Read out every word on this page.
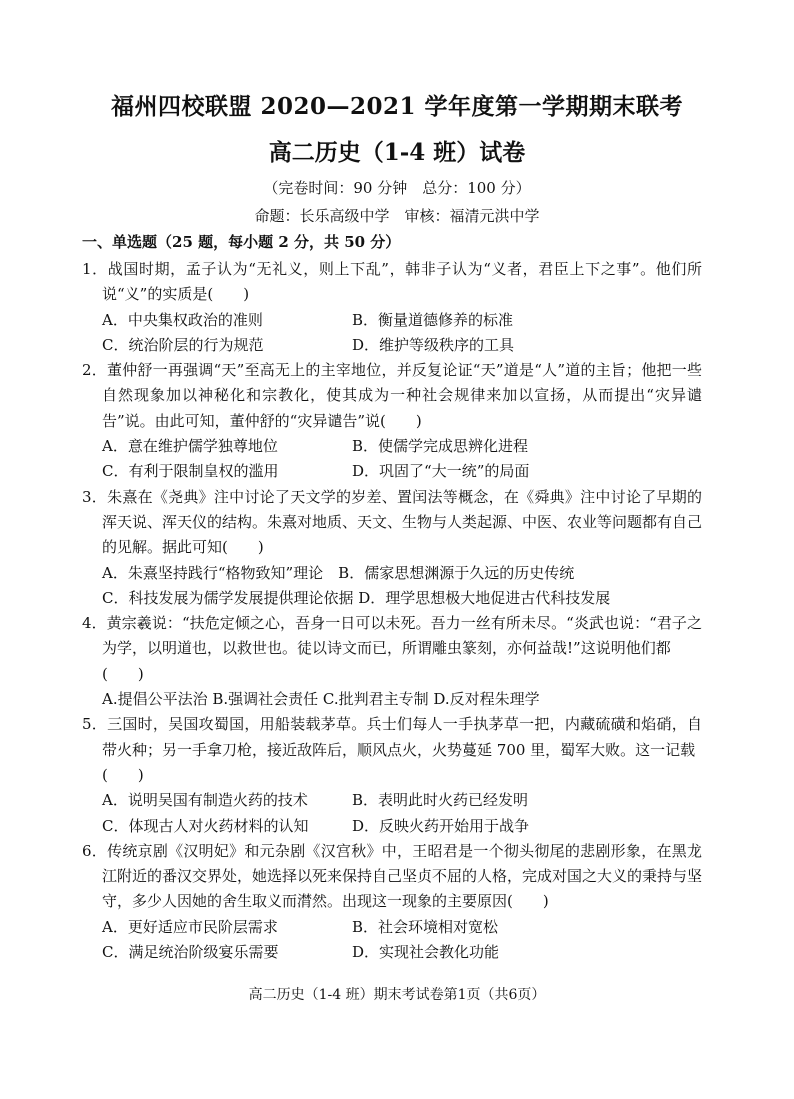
福州四校联盟 2020—2021 学年度第一学期期末联考
高二历史（1-4 班）试卷
（完卷时间：90 分钟　总分：100 分）
命题：长乐高级中学　审核：福清元洪中学
一、单选题（25 题，每小题 2 分，共 50 分）
1．战国时期，孟子认为“无礼义，则上下乱”，韩非子认为“义者，君臣上下之事”。他们所说“义”的实质是(　　)
A．中央集权政治的准则	B．衡量道德修养的标准
C．统治阶层的行为规范	D．维护等级秩序的工具
2．董仲舒一再强调“天”至高无上的主宰地位，并反复论证“天”道是“人”道的主旨；他把一些自然现象加以神秘化和宗教化，使其成为一种社会规律来加以宣扬，从而提出“灾异谴告”说。由此可知，董仲舒的“灾异谴告”说(　　)
A．意在维护儒学独尊地位	B．使儒学完成思辨化进程
C．有利于限制皇权的滥用	D．巩固了“大一统”的局面
3．朱熹在《尧典》注中讨论了天文学的岁差、置闰法等概念，在《舜典》注中讨论了早期的浑天说、浑天仪的结构。朱熹对地质、天文、生物与人类起源、中医、农业等问题都有自己的见解。据此可知(　　)
A．朱熹坚持践行“格物致知”理论　B．儒家思想渊源于久远的历史传统
C．科技发展为儒学发展提供理论依据 D．理学思想极大地促进古代科技发展
4．黄宗羲说：“扶危定倾之心，吾身一日可以未死。吾力一丝有所未尽。“炎武也说：“君子之为学，以明道也，以救世也。徒以诗文而已，所谓雕虫篆刻，亦何益哉!”这说明他们都
(　　)
A.提倡公平法治 B.强调社会责任 C.批判君主专制 D.反对程朱理学
5．三国时，吴国攻蜀国，用船装载茅草。兵士们每人一手执茅草一把，内藏硫磺和焰硝，自带火种；另一手拿刀枪，接近敌阵后，顺风点火，火势蔓延 700 里，蜀军大败。这一记载
(　　)
A．说明吴国有制造火药的技术	B．表明此时火药已经发明
C．体现古人对火药材料的认知	D．反映火药开始用于战争
6．传统京剧《汉明妃》和元杂剧《汉宫秋》中，王昭君是一个彻头彻尾的悲剧形象，在黑龙江附近的番汉交界处，她选择以死来保持自己坚贞不屈的人格，完成对国之大义的秉持与坚守，多少人因她的舍生取义而潸然。出现这一现象的主要原因(　　)
A．更好适应市民阶层需求	B．社会环境相对宽松
C．满足统治阶级宴乐需要	D．实现社会教化功能
高二历史（1-4 班）期末考试卷第1页（共6页）
